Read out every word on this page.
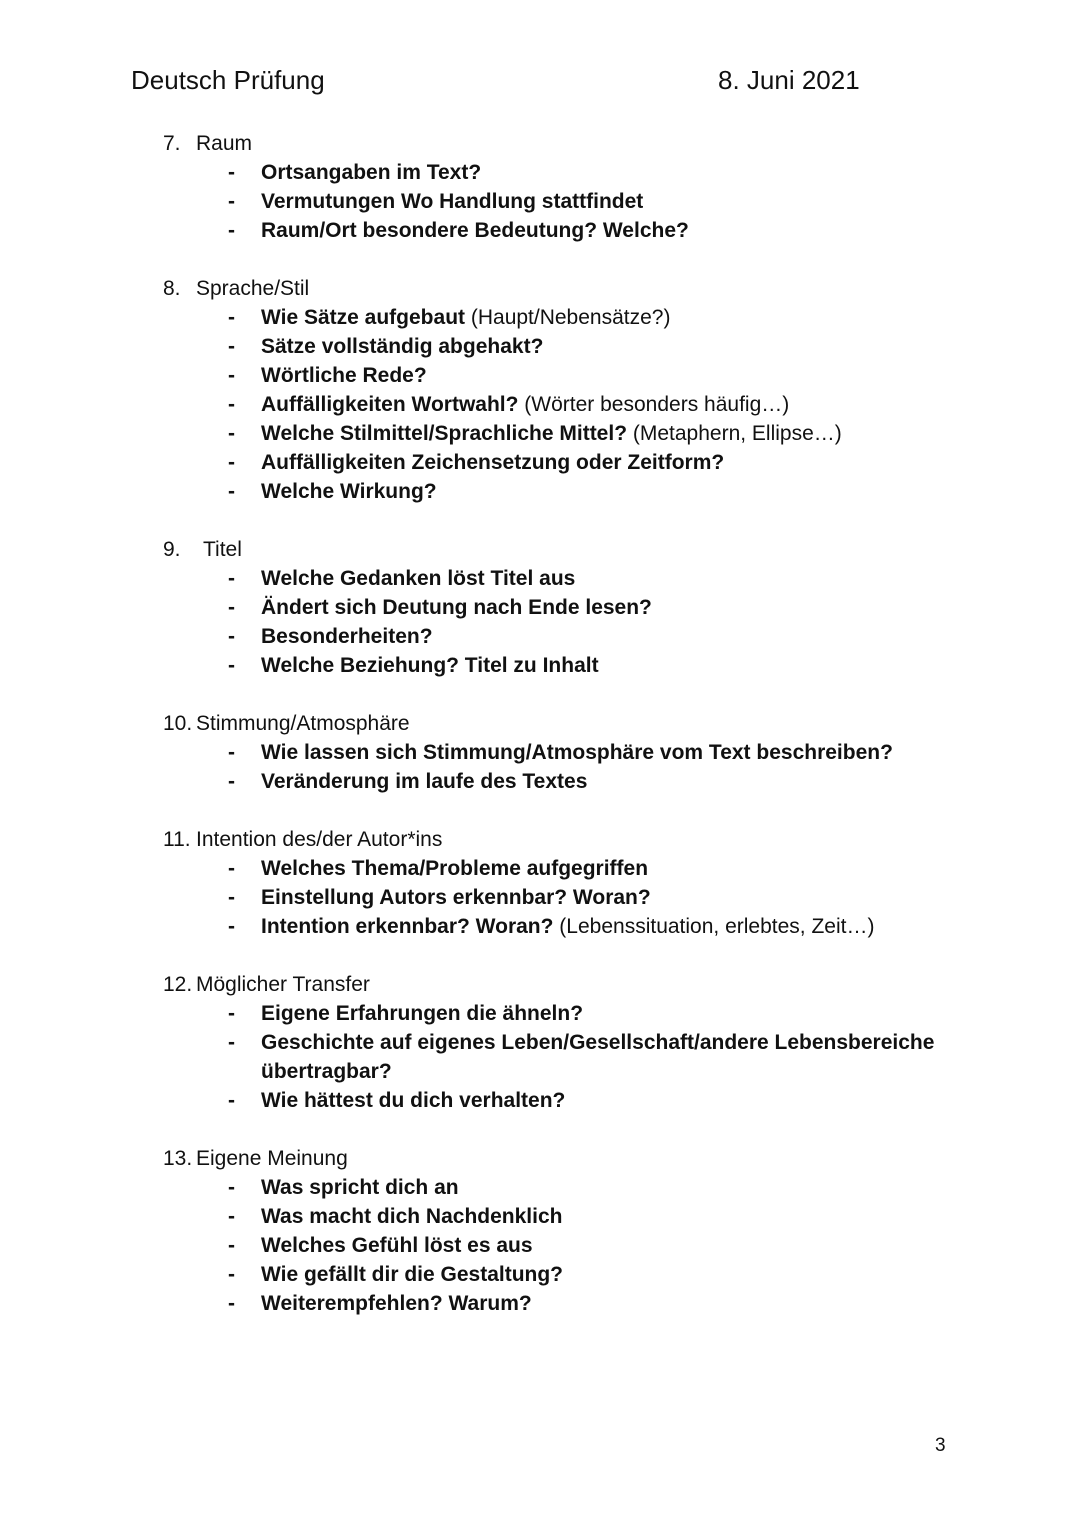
Deutsch Prüfung	8. Juni 2021
7. Raum
- Ortsangaben im Text?
- Vermutungen Wo Handlung stattfindet
- Raum/Ort besondere Bedeutung? Welche?
8. Sprache/Stil
- Wie Sätze aufgebaut (Haupt/Nebensätze?)
- Sätze vollständig abgehakt?
- Wörtliche Rede?
- Auffälligkeiten Wortwahl? (Wörter besonders häufig…)
- Welche Stilmittel/Sprachliche Mittel? (Metaphern, Ellipse…)
- Auffälligkeiten Zeichensetzung oder Zeitform?
- Welche Wirkung?
9. Titel
- Welche Gedanken löst Titel aus
- Ändert sich Deutung nach Ende lesen?
- Besonderheiten?
- Welche Beziehung? Titel zu Inhalt
10. Stimmung/Atmosphäre
- Wie lassen sich Stimmung/Atmosphäre vom Text beschreiben?
- Veränderung im laufe des Textes
11. Intention des/der Autor*ins
- Welches Thema/Probleme aufgegriffen
- Einstellung Autors erkennbar? Woran?
- Intention erkennbar? Woran? (Lebenssituation, erlebtes, Zeit…)
12. Möglicher Transfer
- Eigene Erfahrungen die ähneln?
- Geschichte auf eigenes Leben/Gesellschaft/andere Lebensbereiche übertragbar?
- Wie hättest du dich verhalten?
13. Eigene Meinung
- Was spricht dich an
- Was macht dich Nachdenklich
- Welches Gefühl löst es aus
- Wie gefällt dir die Gestaltung?
- Weiterempfehlen? Warum?
3
